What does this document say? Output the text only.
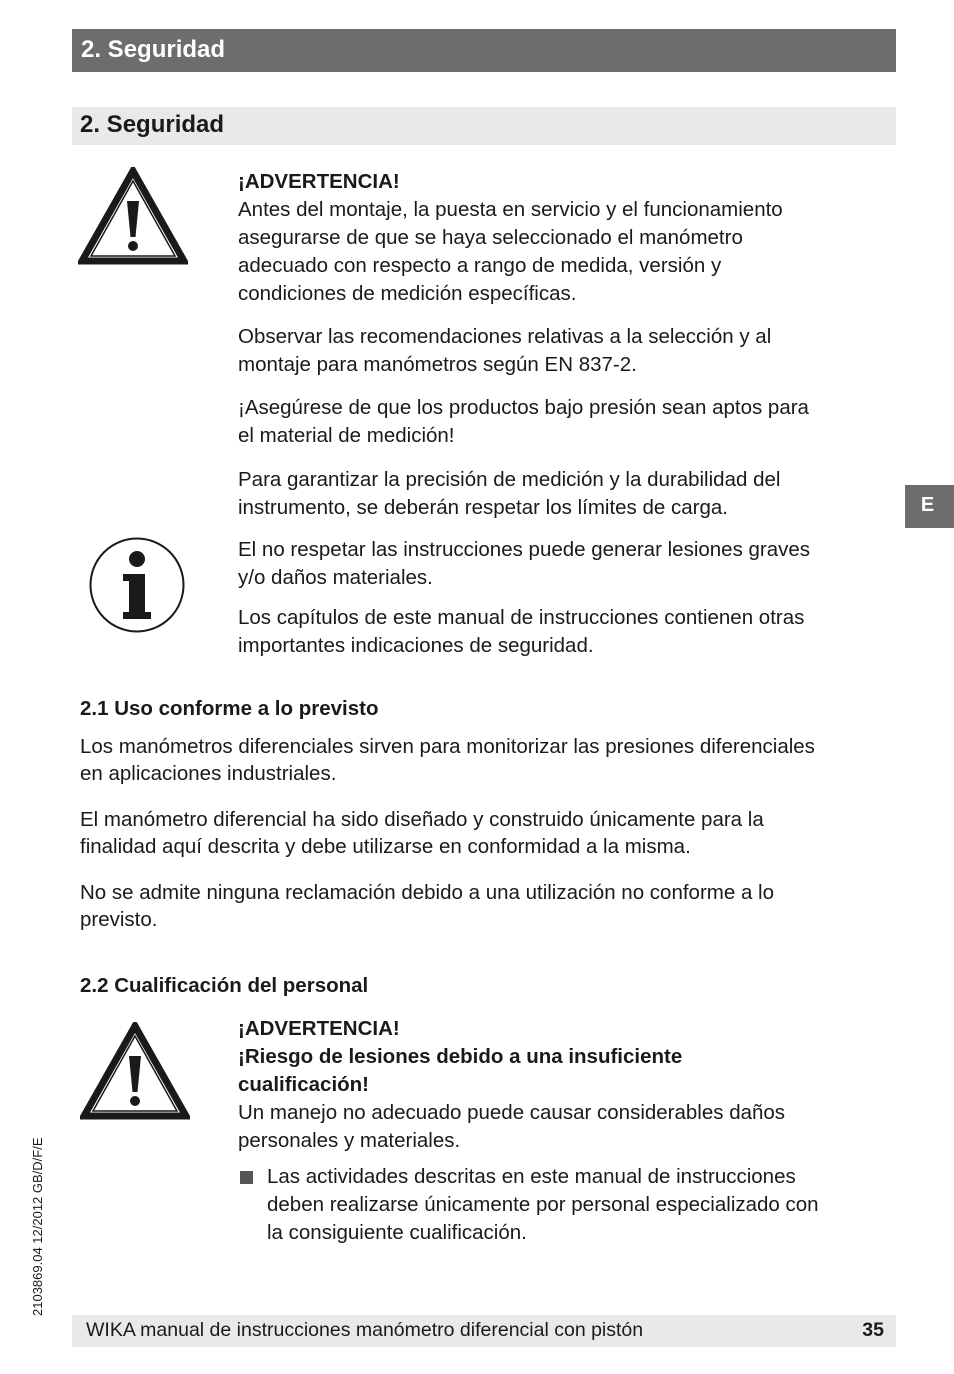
2. Seguridad
2. Seguridad
¡ADVERTENCIA!
Antes del montaje, la puesta en servicio y el funcionamiento
asegurarse de que se haya seleccionado el manómetro
adecuado con respecto a rango de medida, versión y
condiciones de medición específicas.
Observar las recomendaciones relativas a la selección y al
montaje para manómetros según EN 837-2.
¡Asegúrese de que los productos bajo presión sean aptos para
el material de medición!
Para garantizar la precisión de medición y la durabilidad del
instrumento, se deberán respetar los límites de carga.
El no respetar las instrucciones puede generar lesiones graves
y/o daños materiales.
Los capítulos de este manual de instrucciones contienen otras
importantes indicaciones de seguridad.
2.1 Uso conforme a lo previsto
Los manómetros diferenciales sirven para monitorizar las presiones diferenciales
en aplicaciones industriales.
El manómetro diferencial ha sido diseñado y construido únicamente para la
finalidad aquí descrita y debe utilizarse en conformidad a la misma.
No se admite ninguna reclamación debido a una utilización no conforme a lo
previsto.
2.2 Cualificación del personal
¡ADVERTENCIA!
¡Riesgo de lesiones debido a una insuficiente
cualificación!
Un manejo no adecuado puede causar considerables daños
personales y materiales.
Las actividades descritas en este manual de instrucciones
deben realizarse únicamente por personal especializado con
la consiguiente cualificación.
E
2103869.04 12/2012 GB/D/F/E
WIKA manual de instrucciones manómetro diferencial con pistón	35
